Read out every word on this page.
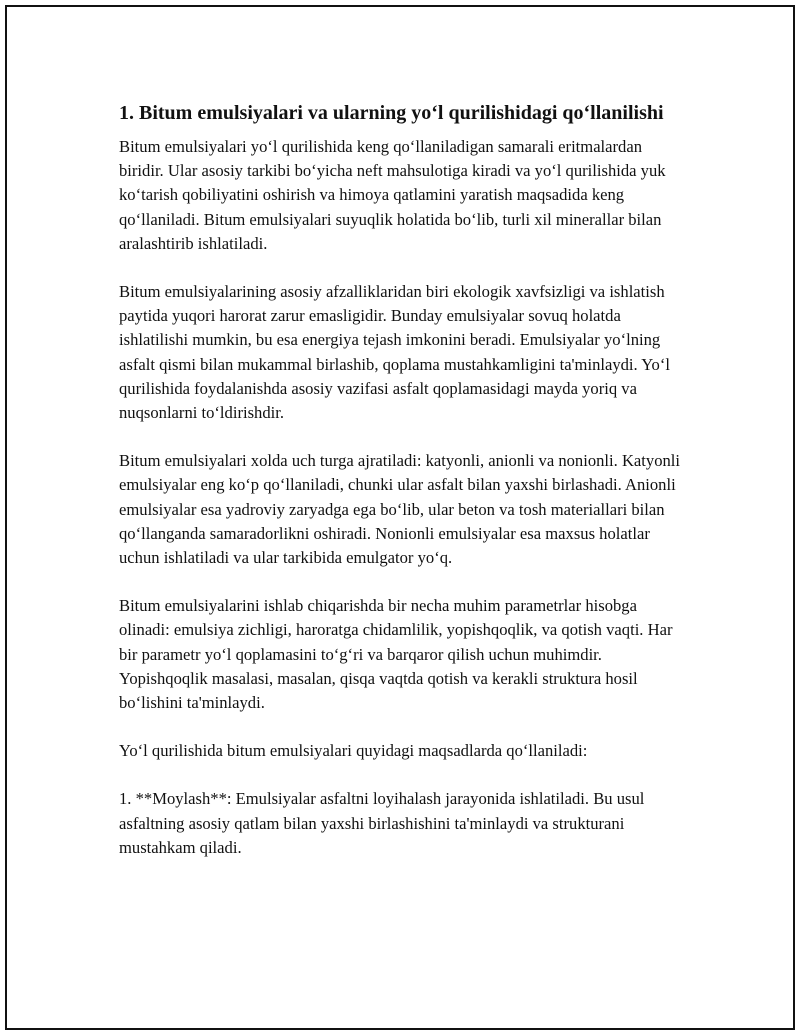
1. Bitum emulsiyalari va ularning yo‘l qurilishidagi qo‘llanilishi

Bitum emulsiyalari yo‘l qurilishida keng qo‘llaniladigan samarali eritmalardan biridir. Ular asosiy tarkibi bo‘yicha neft mahsulotiga kiradi va yo‘l qurilishida yuk ko‘tarish qobiliyatini oshirish va himoya qatlamini yaratish maqsadida keng qo‘llaniladi. Bitum emulsiyalari suyuqlik holatida bo‘lib, turli xil minerallar bilan aralashtirib ishlatiladi.

Bitum emulsiyalarining asosiy afzalliklaridan biri ekologik xavfsizligi va ishlatish paytida yuqori harorat zarur emasligidir. Bunday emulsiyalar sovuq holatda ishlatilishi mumkin, bu esa energiya tejash imkonini beradi. Emulsiyalar yo‘lning asfalt qismi bilan mukammal birlashib, qoplama mustahkamligini ta'minlaydi. Yo‘l qurilishida foydalanishda asosiy vazifasi asfalt qoplamasidagi mayda yoriq va nuqsonlarni to‘ldirishdir.

Bitum emulsiyalari xolda uch turga ajratiladi: katyonli, anionli va nonionli. Katyonli emulsiyalar eng ko‘p qo‘llaniladi, chunki ular asfalt bilan yaxshi birlashadi. Anionli emulsiyalar esa yadroviy zaryadga ega bo‘lib, ular beton va tosh materiallari bilan qo‘llanganda samaradorlikni oshiradi. Nonionli emulsiyalar esa maxsus holatlar uchun ishlatiladi va ular tarkibida emulgator yo‘q.

Bitum emulsiyalarini ishlab chiqarishda bir necha muhim parametrlar hisobga olinadi: emulsiya zichligi, haroratga chidamlilik, yopishqoqlik, va qotish vaqti. Har bir parametr yo‘l qoplamasini to‘g‘ri va barqaror qilish uchun muhimdir. Yopishqoqlik masalasi, masalan, qisqa vaqtda qotish va kerakli struktura hosil bo‘lishini ta'minlaydi.

Yo‘l qurilishida bitum emulsiyalari quyidagi maqsadlarda qo‘llaniladi:

1. **Moylash**: Emulsiyalar asfaltni loyihalash jarayonida ishlatiladi. Bu usul asfaltning asosiy qatlam bilan yaxshi birlashishini ta'minlaydi va strukturani mustahkam qiladi.
